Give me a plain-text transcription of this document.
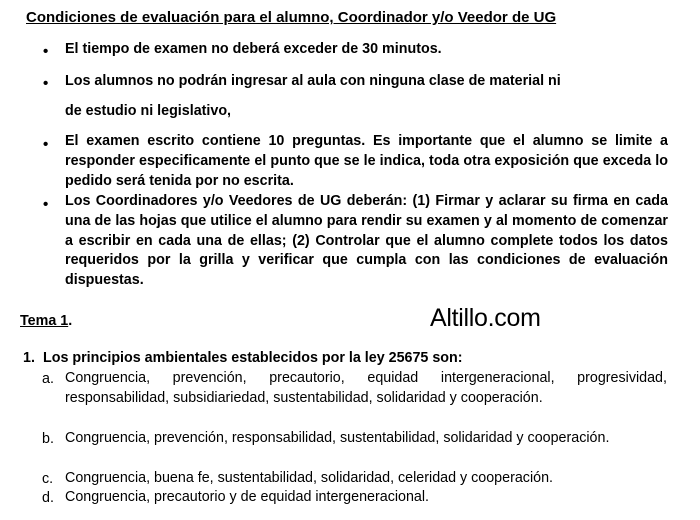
Condiciones de evaluación para el alumno, Coordinador y/o Veedor de UG
• El tiempo de examen no deberá exceder de 30 minutos.
• Los alumnos no podrán ingresar al aula con ninguna clase de material ni
de estudio ni legislativo,
• El examen escrito contiene 10 preguntas. Es importante que el alumno se limite a responder especificamente el punto que se le indica, toda otra exposición que exceda lo pedido será tenida por no escrita.
• Los Coordinadores y/o Veedores de UG deberán: (1) Firmar y aclarar su firma en cada una de las hojas que utilice el alumno para rendir su examen y al momento de comenzar a escribir en cada una de ellas; (2) Controlar que el alumno complete todos los datos requeridos por la grilla y verificar que cumpla con las condiciones de evaluación dispuestas.
Tema 1.	Altillo.com
1. Los principios ambientales establecidos por la ley 25675 son:
a. Congruencia, prevención, precautorio, equidad intergeneracional, progresividad, responsabilidad, subsidiariedad, sustentabilidad, solidaridad y cooperación.
b. Congruencia, prevención, responsabilidad, sustentabilidad, solidaridad y cooperación.
c. Congruencia, buena fe, sustentabilidad, solidaridad, celeridad y cooperación.
d. Congruencia, precautorio y de equidad intergeneracional.
